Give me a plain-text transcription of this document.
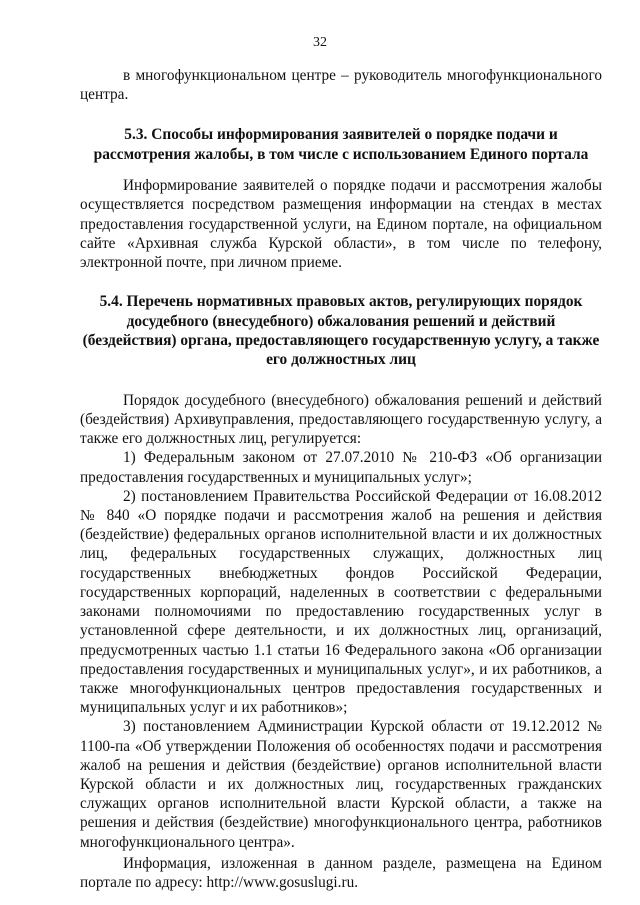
32

в многофункциональном центре – руководитель многофункционального центра.

5.3. Способы информирования заявителей о порядке подачи и рассмотрения жалобы, в том числе с использованием Единого портала

Информирование заявителей о порядке подачи и рассмотрения жалобы осуществляется посредством размещения информации на стендах в местах предоставления государственной услуги, на Едином портале, на официальном сайте «Архивная служба Курской области», в том числе по телефону, электронной почте, при личном приеме.

5.4. Перечень нормативных правовых актов, регулирующих порядок досудебного (внесудебного) обжалования решений и действий (бездействия) органа, предоставляющего государственную услугу, а также его должностных лиц

Порядок досудебного (внесудебного) обжалования решений и действий (бездействия) Архивуправления, предоставляющего государственную услугу, а также его должностных лиц, регулируется:

1) Федеральным законом от 27.07.2010 № 210-ФЗ «Об организации предоставления государственных и муниципальных услуг»;

2) постановлением Правительства Российской Федерации от 16.08.2012 № 840 «О порядке подачи и рассмотрения жалоб на решения и действия (бездействие) федеральных органов исполнительной власти и их должностных лиц, федеральных государственных служащих, должностных лиц государственных внебюджетных фондов Российской Федерации, государственных корпораций, наделенных в соответствии с федеральными законами полномочиями по предоставлению государственных услуг в установленной сфере деятельности, и их должностных лиц, организаций, предусмотренных частью 1.1 статьи 16 Федерального закона «Об организации предоставления государственных и муниципальных услуг», и их работников, а также многофункциональных центров предоставления государственных и муниципальных услуг и их работников»;

3) постановлением Администрации Курской области от 19.12.2012 № 1100-па «Об утверждении Положения об особенностях подачи и рассмотрения жалоб на решения и действия (бездействие) органов исполнительной власти Курской области и их должностных лиц, государственных гражданских служащих органов исполнительной власти Курской области, а также на решения и действия (бездействие) многофункционального центра, работников многофункционального центра».

Информация, изложенная в данном разделе, размещена на Едином портале по адресу: http://www.gosuslugi.ru.
